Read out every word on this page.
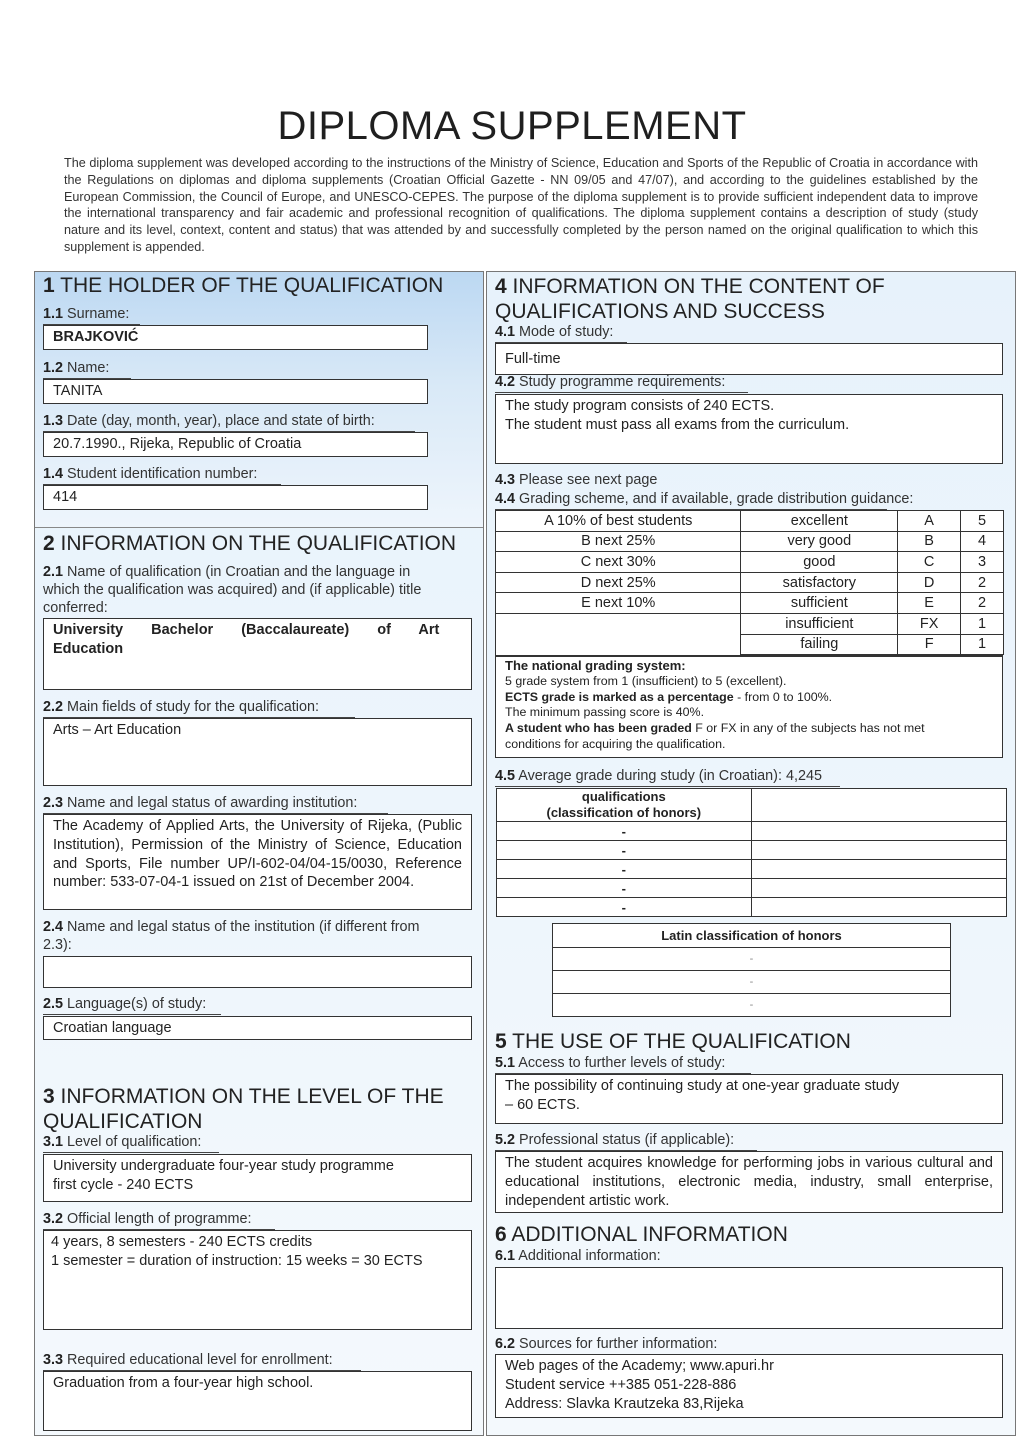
DIPLOMA SUPPLEMENT
The diploma supplement was developed according to the instructions of the Ministry of Science, Education and Sports of the Republic of Croatia in accordance with the Regulations on diplomas and diploma supplements (Croatian Official Gazette - NN 09/05 and 47/07), and according to the guidelines established by the European Commission, the Council of Europe, and UNESCO-CEPES. The purpose of the diploma supplement is to provide sufficient independent data to improve the international transparency and fair academic and professional recognition of qualifications. The diploma supplement contains a description of study (study nature and its level, context, content and status) that was attended by and successfully completed by the person named on the original qualification to which this supplement is appended.
1 THE HOLDER OF THE QUALIFICATION
1.1 Surname:
BRAJKOVIĆ
1.2 Name:
TANITA
1.3 Date (day, month, year), place and state of birth:
20.7.1990., Rijeka, Republic of Croatia
1.4 Student identification number:
414
2 INFORMATION ON THE QUALIFICATION
2.1 Name of qualification (in Croatian and the language in
which the qualification was acquired) and (if applicable) title
conferred:
University Bachelor (Baccalaureate) of Art
Education
2.2 Main fields of study for the qualification:
Arts – Art Education
2.3 Name and legal status of awarding institution:
The Academy of Applied Arts, the University of Rijeka, (Public Institution), Permission of the Ministry of Science, Education and Sports, File number UP/I-602-04/04-15/0030, Reference number: 533-07-04-1 issued on 21st of December 2004.
2.4 Name and legal status of the institution (if different from
2.3):
2.5 Language(s) of study:
Croatian language
3 INFORMATION ON THE LEVEL OF THE
QUALIFICATION
3.1 Level of qualification:
University undergraduate four-year study programme
first cycle - 240 ECTS
3.2 Official length of programme:
4 years, 8 semesters - 240 ECTS credits
1 semester = duration of instruction: 15 weeks = 30 ECTS
3.3 Required educational level for enrollment:
Graduation from a four-year high school.
4 INFORMATION ON THE CONTENT OF
QUALIFICATIONS AND SUCCESS
4.1 Mode of study:
Full-time
4.2 Study programme requirements:
The study program consists of 240 ECTS.
The student must pass all exams from the curriculum.
4.3 Please see next page
4.4 Grading scheme, and if available, grade distribution guidance:
A 10% of best students	excellent	A	5
B next 25%	very good	B	4
C next 30%	good	C	3
D next 25%	satisfactory	D	2
E next 10%	sufficient	E	2
	insufficient	FX	1
	failing	F	1
The national grading system:
5 grade system from 1 (insufficient) to 5 (excellent).
ECTS grade is marked as a percentage - from 0 to 100%.
The minimum passing score is 40%.
A student who has been graded F or FX in any of the subjects has not met
conditions for acquiring the qualification.
4.5 Average grade during study (in Croatian): 4,245
qualifications
(classification of honors)	

-	
-	
-	
-	
-	
Latin classification of honors
-
-
-
5 THE USE OF THE QUALIFICATION
5.1 Access to further levels of study:
The possibility of continuing study at one-year graduate study
– 60 ECTS.
5.2 Professional status (if applicable):
The student acquires knowledge for performing jobs in various cultural and educational institutions, electronic media, industry, small enterprise, independent artistic work.
6 ADDITIONAL INFORMATION
6.1 Additional information:
6.2 Sources for further information:
Web pages of the Academy; www.apuri.hr
Student service ++385 051-228-886
Address: Slavka Krautzeka 83,Rijeka
